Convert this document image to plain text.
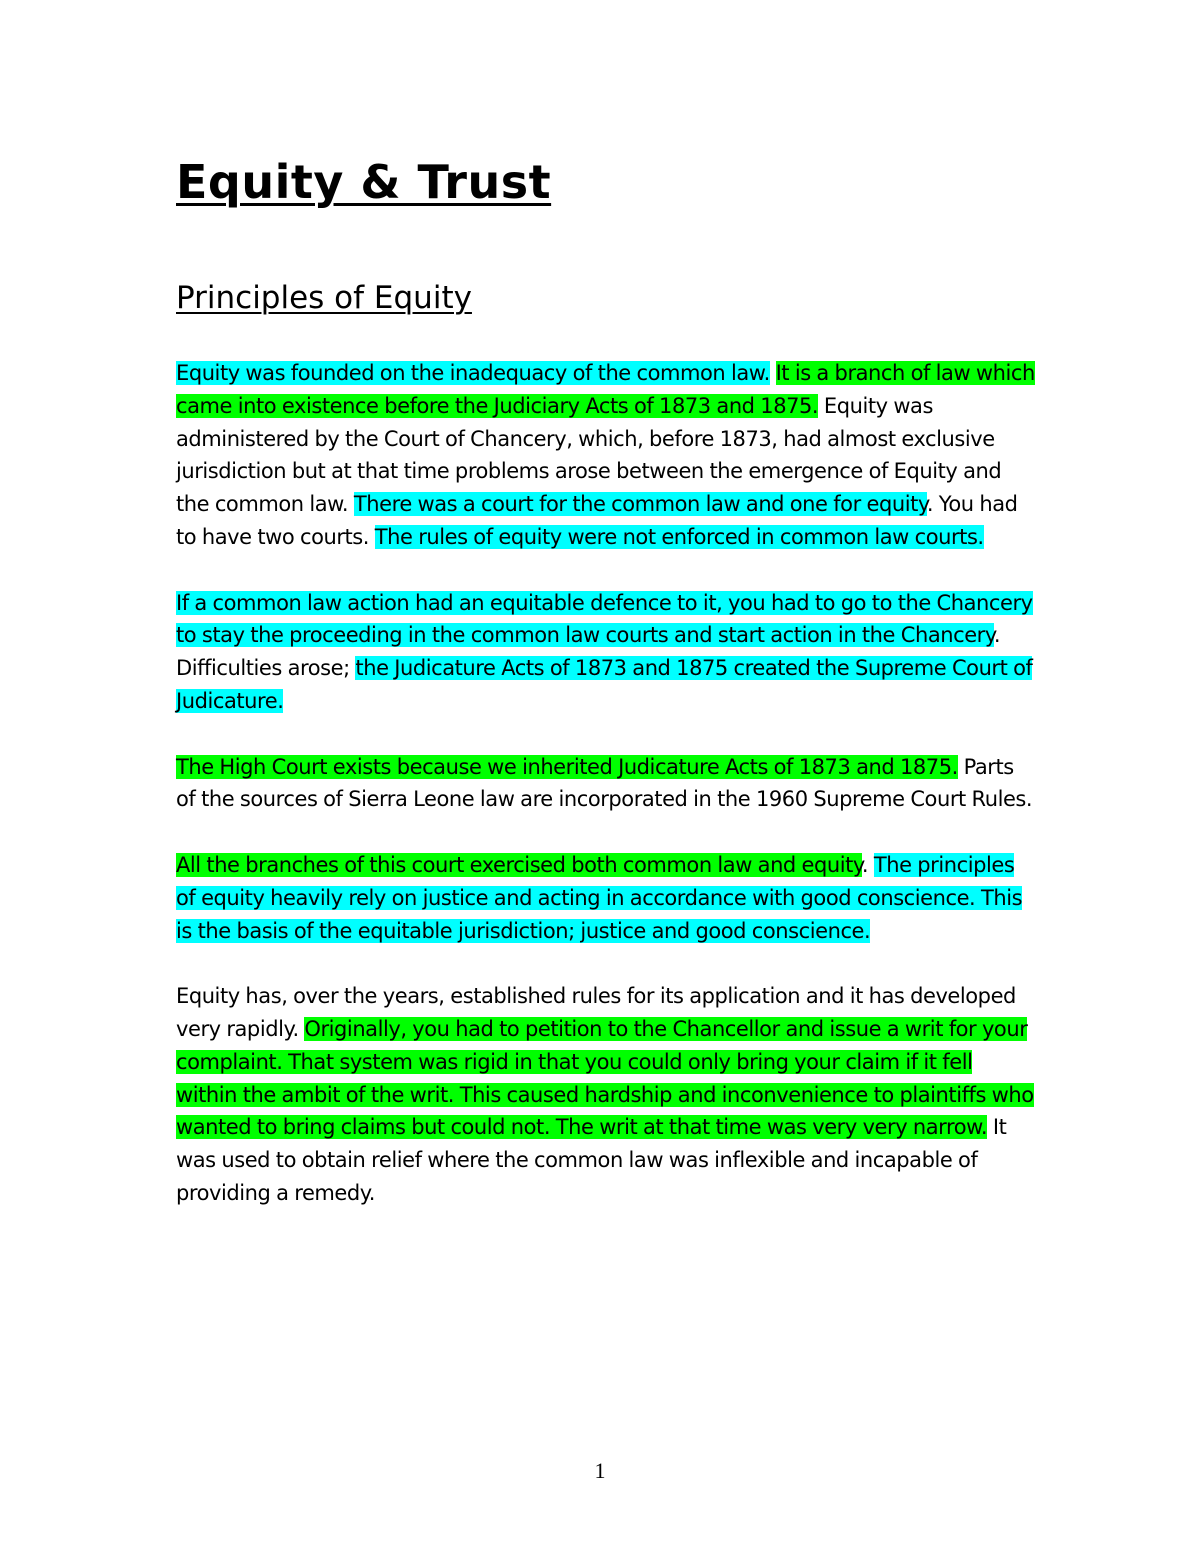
Equity & Trust
Principles of Equity

Equity was founded on the inadequacy of the common law. It is a branch of law which came into existence before the Judiciary Acts of 1873 and 1875. Equity was administered by the Court of Chancery, which, before 1873, had almost exclusive jurisdiction but at that time problems arose between the emergence of Equity and the common law. There was a court for the common law and one for equity. You had to have two courts. The rules of equity were not enforced in common law courts.

If a common law action had an equitable defence to it, you had to go to the Chancery to stay the proceeding in the common law courts and start action in the Chancery. Difficulties arose; the Judicature Acts of 1873 and 1875 created the Supreme Court of Judicature.

The High Court exists because we inherited Judicature Acts of 1873 and 1875. Parts of the sources of Sierra Leone law are incorporated in the 1960 Supreme Court Rules.

All the branches of this court exercised both common law and equity. The principles of equity heavily rely on justice and acting in accordance with good conscience. This is the basis of the equitable jurisdiction; justice and good conscience.

Equity has, over the years, established rules for its application and it has developed very rapidly. Originally, you had to petition to the Chancellor and issue a writ for your complaint. That system was rigid in that you could only bring your claim if it fell within the ambit of the writ. This caused hardship and inconvenience to plaintiffs who wanted to bring claims but could not. The writ at that time was very very narrow. It was used to obtain relief where the common law was inflexible and incapable of providing a remedy.

1
